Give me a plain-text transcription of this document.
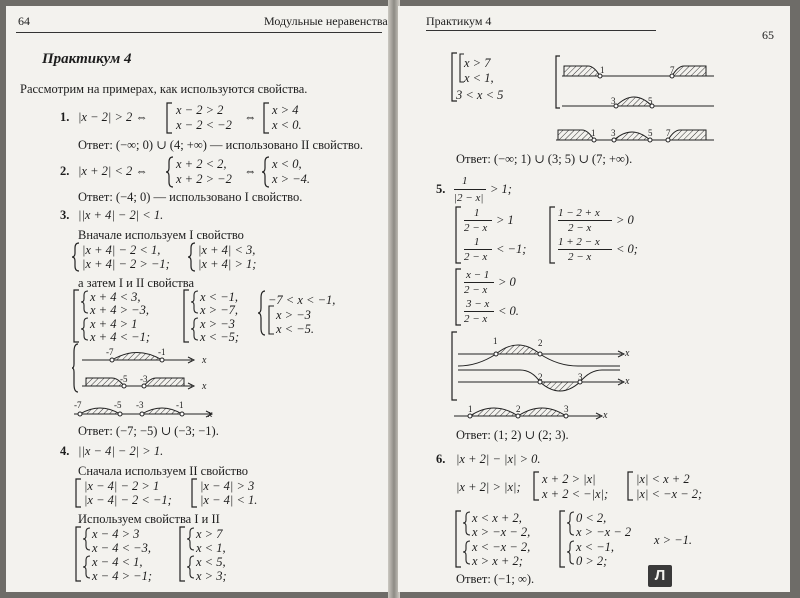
64	Модульные неравенства
Практикум 4
Рассмотрим на примерах, как используются свойства.
1. |x − 2| > 2 ⇔ x − 2 > 2
x − 2 < −2
⇔ x > 4
x < 0.
Ответ: (−∞; 0) ∪ (4; +∞) — использовано II свойство.
2. |x + 2| < 2 ⇔ x + 2 < 2,
x + 2 > −2
⇔ x < 0,
x > −4.
Ответ: (−4; 0) — использовано I свойство.
3. ||x + 4| − 2| < 1.
Вначале используем I свойство
|x + 4| − 2 < 1,
|x + 4| − 2 > −1;
|x + 4| < 3,
|x + 4| > 1;
а затем I и II свойства
x + 4 < 3,
x + 4 > −3,
x + 4 > 1
x + 4 < −1;
x < −1,
x > −7,
x > −3
x < −5;
−7 < x < −1,
x > −3
x < −5.
-7	-1
x
-5 -3
x
-7	-5 -3	-1
x
Ответ: (−7; −5) ∪ (−3; −1).
4. ||x − 4| − 2| > 1.
Сначала используем II свойство
|x − 4| − 2 > 1
|x − 4| − 2 < −1;
|x − 4| > 3
|x − 4| < 1.
Используем свойства I и II
x − 4 > 3
x − 4 < −3,
x − 4 < 1,
x − 4 > −1;
x > 7
x < 1,
x < 5,
x > 3;
Практикум 4
65
x > 7
x < 1,
3 < x < 5
1	7
3	5
1 3	5 7
Ответ: (−∞; 1) ∪ (3; 5) ∪ (7; +∞).
5.
1
|2 − x|
> 1;
1
2 − x
> 1
1
2 − x
< −1;
1 − 2 + x
2 − x
> 0
1 + 2 − x
2 − x
< 0;
x − 1
2 − x
> 0
3 − x
2 − x
< 0.
1	2
x
2	3	x
1	2	3
x
Ответ: (1; 2) ∪ (2; 3).
6. |x + 2| − |x| > 0.
|x + 2| > |x|;
x + 2 > |x|
x + 2 < −|x|;
|x| < x + 2
|x| < −x − 2;
x < x + 2,
x > −x − 2,
x < −x − 2,
x > x + 2;
0 < 2,
x > −x − 2
x < −1,
0 > 2;
x > −1.
Ответ: (−1; ∞).	Л
